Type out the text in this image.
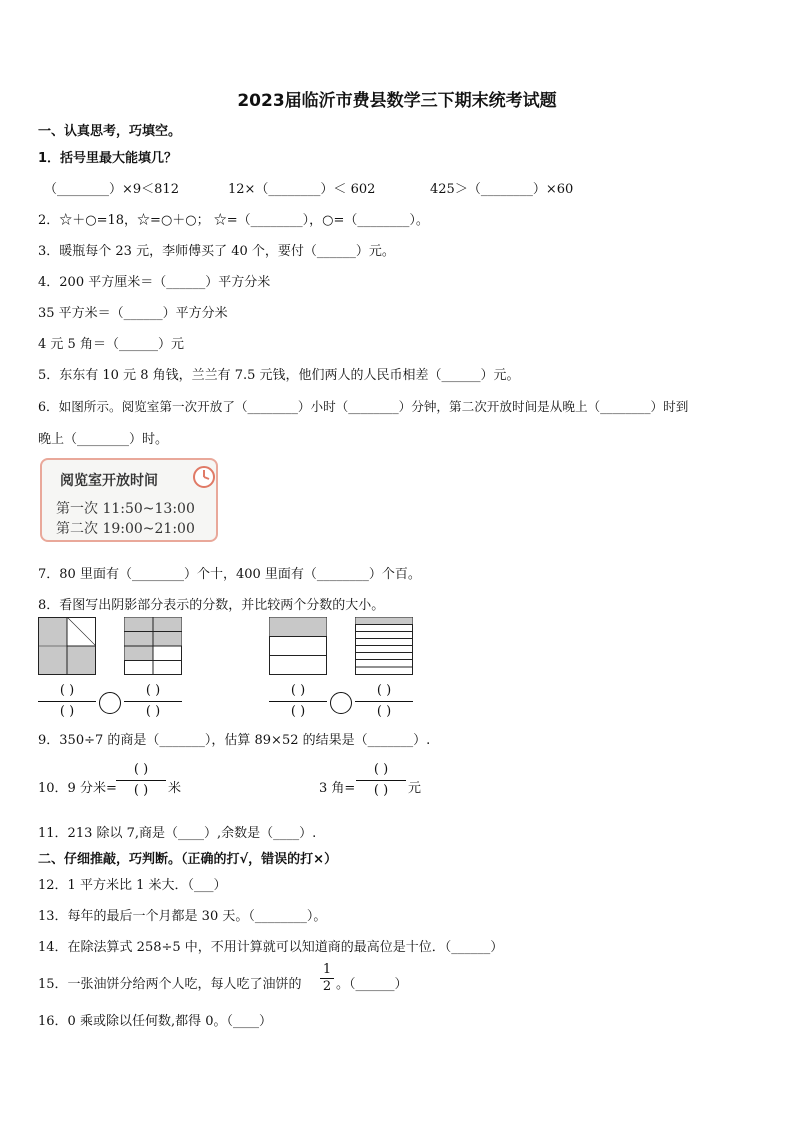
2023届临沂市费县数学三下期末统考试题
一、认真思考，巧填空。
1．括号里最大能填几？
（________）×9＜812	12×（________）＜ 602	425＞（________）×60
2．☆＋○=18，☆=○＋○； ☆=（________），○=（________）。
3．暖瓶每个 23 元，李师傅买了 40 个，要付（______）元。
4．200 平方厘米＝（______）平方分米
35 平方米＝（______）平方分米
4 元 5 角＝（______）元
5．东东有 10 元 8 角钱，兰兰有 7.5 元钱，他们两人的人民币相差（______）元。
6．如图所示。阅览室第一次开放了（________）小时（________）分钟，第二次开放时间是从晚上（________）时到
晚上（________）时。
阅览室开放时间
第一次 11:50~13:00
第二次 19:00~21:00
7．80 里面有（________）个十，400 里面有（________）个百。
8．看图写出阴影部分表示的分数，并比较两个分数的大小。
( )
( )
( )
( )
( )
( )
( )
( )
9．350÷7 的商是（_______），估算 89×52 的结果是（_______）.
10．9 分米=
( )
( )	米	3 角=
( )
( )	元
11．213 除以 7,商是（____）,余数是（____）.
二、仔细推敲，巧判断。（正确的打√，错误的打×）
12．1 平方米比 1 米大．（___）
13．每年的最后一个月都是 30 天。（________）。
14．在除法算式 258÷5 中，不用计算就可以知道商的最高位是十位．（______）
15．一张油饼分给两个人吃，每人吃了油饼的
1
2 。（______）
16．0 乘或除以任何数,都得 0。（____）
